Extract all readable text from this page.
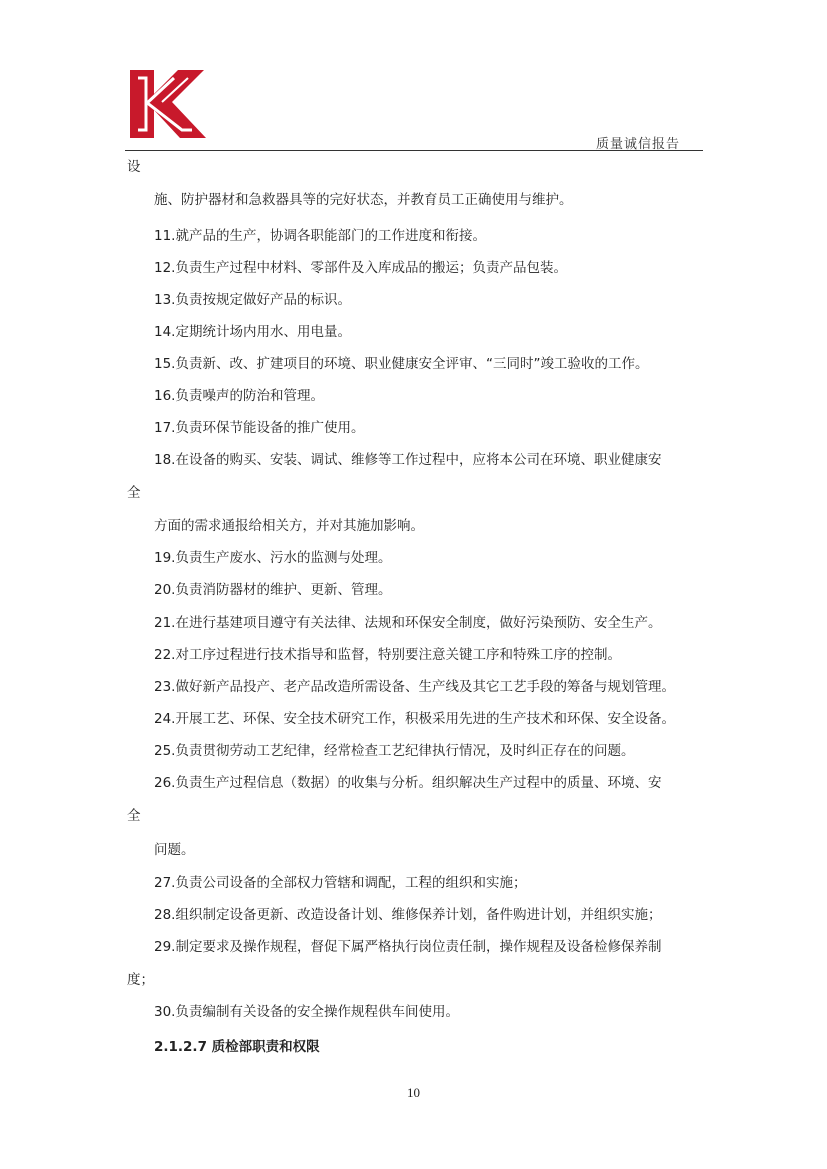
质量诚信报告
设
施、防护器材和急救器具等的完好状态，并教育员工正确使用与维护。
11.就产品的生产，协调各职能部门的工作进度和衔接。
12.负责生产过程中材料、零部件及入库成品的搬运；负责产品包装。
13.负责按规定做好产品的标识。
14.定期统计场内用水、用电量。
15.负责新、改、扩建项目的环境、职业健康安全评审、“三同时”竣工验收的工作。
16.负责噪声的防治和管理。
17.负责环保节能设备的推广使用。
18.在设备的购买、安装、调试、维修等工作过程中，应将本公司在环境、职业健康安
全
方面的需求通报给相关方，并对其施加影响。
19.负责生产废水、污水的监测与处理。
20.负责消防器材的维护、更新、管理。
21.在进行基建项目遵守有关法律、法规和环保安全制度，做好污染预防、安全生产。
22.对工序过程进行技术指导和监督，特别要注意关键工序和特殊工序的控制。
23.做好新产品投产、老产品改造所需设备、生产线及其它工艺手段的筹备与规划管理。
24.开展工艺、环保、安全技术研究工作，积极采用先进的生产技术和环保、安全设备。
25.负责贯彻劳动工艺纪律，经常检查工艺纪律执行情况，及时纠正存在的问题。
26.负责生产过程信息（数据）的收集与分析。组织解决生产过程中的质量、环境、安
全
问题。
27.负责公司设备的全部权力管辖和调配，工程的组织和实施；
28.组织制定设备更新、改造设备计划、维修保养计划，备件购进计划，并组织实施；
29.制定要求及操作规程，督促下属严格执行岗位责任制，操作规程及设备检修保养制
度；
30.负责编制有关设备的安全操作规程供车间使用。
2.1.2.7 质检部职责和权限
10
